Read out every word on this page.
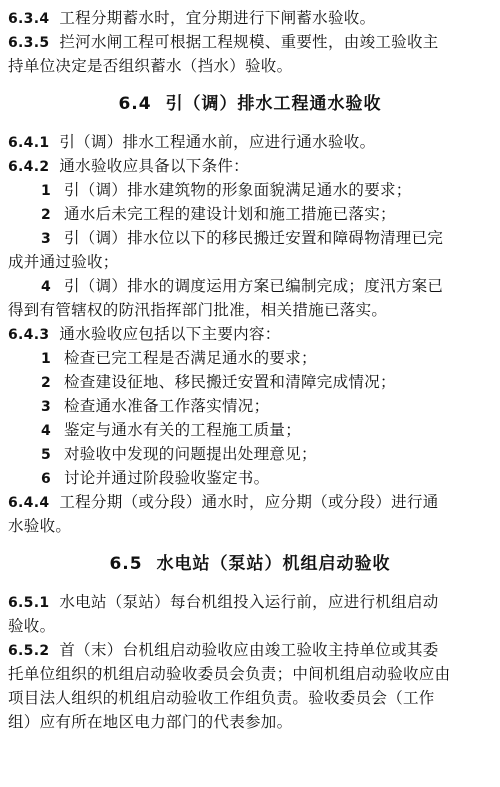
6.3.4 工程分期蓄水时，宜分期进行下闸蓄水验收。
6.3.5 拦河水闸工程可根据工程规模、重要性，由竣工验收主
持单位决定是否组织蓄水（挡水）验收。
6.4 引（调）排水工程通水验收
6.4.1 引（调）排水工程通水前，应进行通水验收。
6.4.2 通水验收应具备以下条件：
1 引（调）排水建筑物的形象面貌满足通水的要求；
2 通水后未完工程的建设计划和施工措施已落实；
3 引（调）排水位以下的移民搬迁安置和障碍物清理已完
成并通过验收；
4 引（调）排水的调度运用方案已编制完成；度汛方案已
得到有管辖权的防汛指挥部门批准，相关措施已落实。
6.4.3 通水验收应包括以下主要内容：
1 检查已完工程是否满足通水的要求；
2 检查建设征地、移民搬迁安置和清障完成情况；
3 检查通水准备工作落实情况；
4 鉴定与通水有关的工程施工质量；
5 对验收中发现的问题提出处理意见；
6 讨论并通过阶段验收鉴定书。
6.4.4 工程分期（或分段）通水时，应分期（或分段）进行通
水验收。
6.5 水电站（泵站）机组启动验收
6.5.1 水电站（泵站）每台机组投入运行前，应进行机组启动
验收。
6.5.2 首（末）台机组启动验收应由竣工验收主持单位或其委
托单位组织的机组启动验收委员会负责；中间机组启动验收应由
项目法人组织的机组启动验收工作组负责。验收委员会（工作
组）应有所在地区电力部门的代表参加。
